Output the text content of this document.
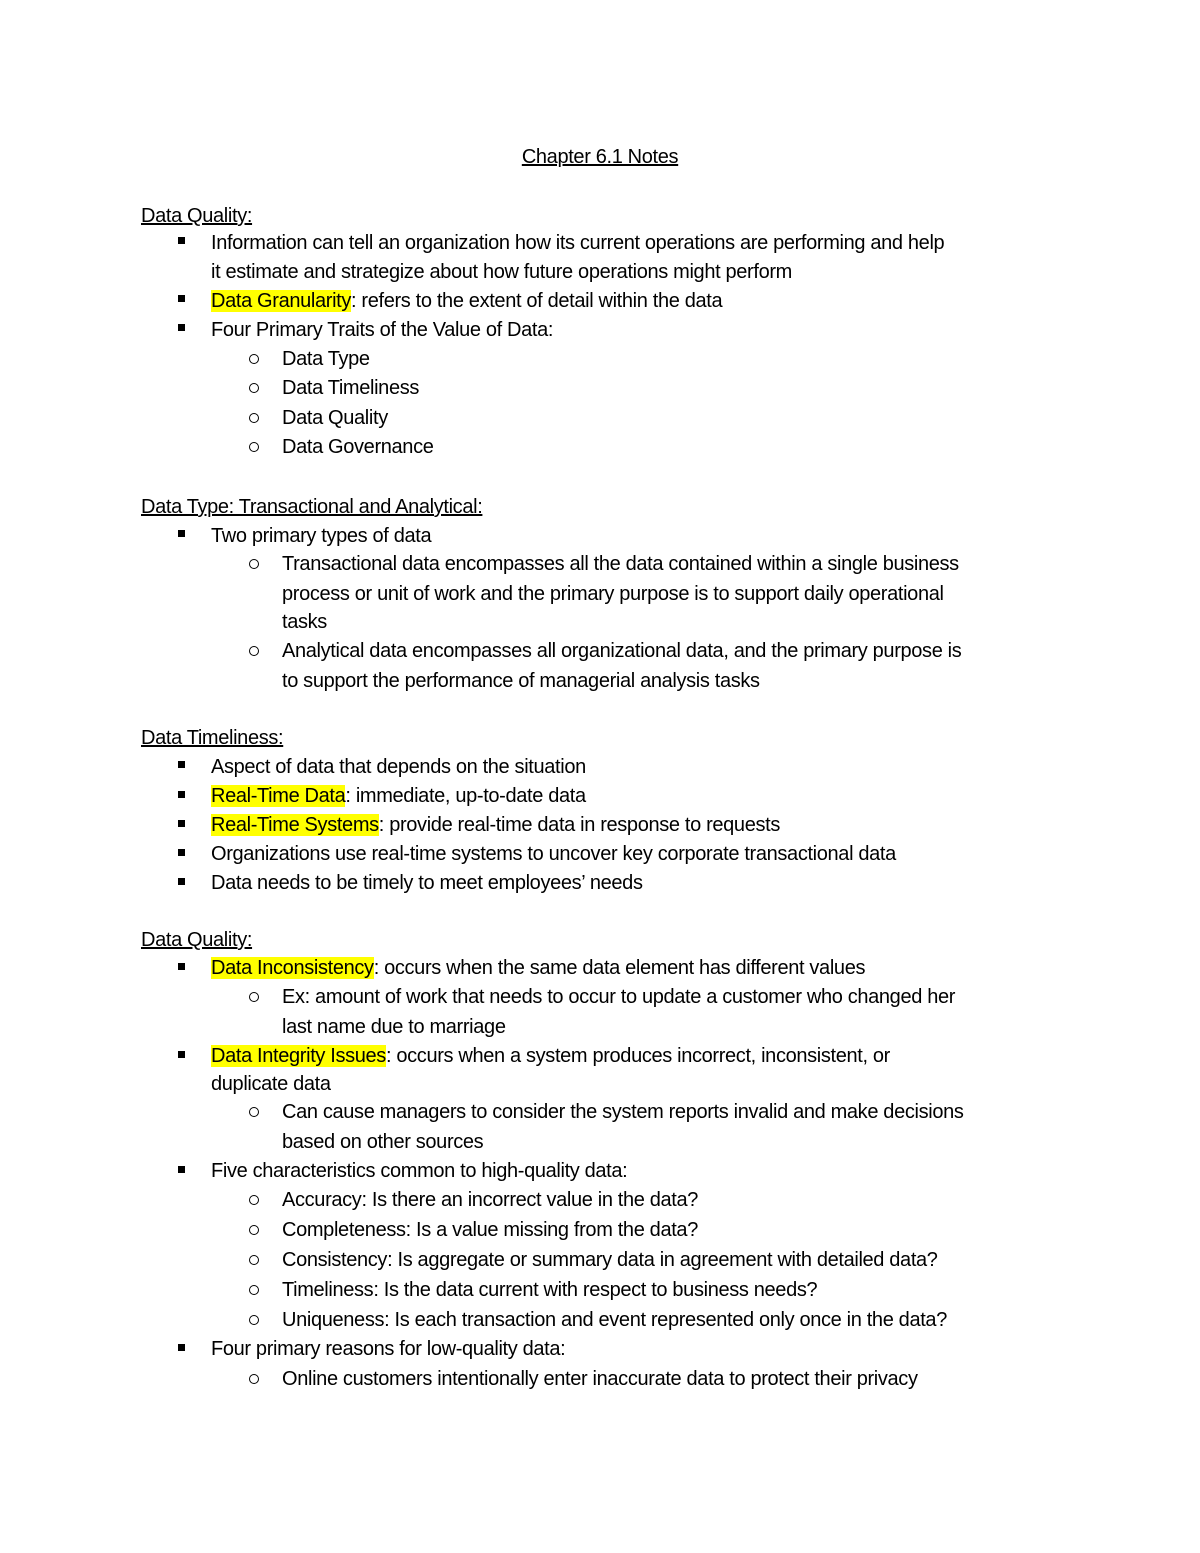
Chapter 6.1 Notes
Data Quality:
Information can tell an organization how its current operations are performing and help
it estimate and strategize about how future operations might perform
Data Granularity: refers to the extent of detail within the data
Four Primary Traits of the Value of Data:
Data Type
Data Timeliness
Data Quality
Data Governance
Data Type: Transactional and Analytical:
Two primary types of data
Transactional data encompasses all the data contained within a single business
process or unit of work and the primary purpose is to support daily operational
tasks
Analytical data encompasses all organizational data, and the primary purpose is
to support the performance of managerial analysis tasks
Data Timeliness:
Aspect of data that depends on the situation
Real-Time Data: immediate, up-to-date data
Real-Time Systems: provide real-time data in response to requests
Organizations use real-time systems to uncover key corporate transactional data
Data needs to be timely to meet employees’ needs
Data Quality:
Data Inconsistency: occurs when the same data element has different values
Ex: amount of work that needs to occur to update a customer who changed her
last name due to marriage
Data Integrity Issues: occurs when a system produces incorrect, inconsistent, or
duplicate data
Can cause managers to consider the system reports invalid and make decisions
based on other sources
Five characteristics common to high-quality data:
Accuracy: Is there an incorrect value in the data?
Completeness: Is a value missing from the data?
Consistency: Is aggregate or summary data in agreement with detailed data?
Timeliness: Is the data current with respect to business needs?
Uniqueness: Is each transaction and event represented only once in the data?
Four primary reasons for low-quality data:
Online customers intentionally enter inaccurate data to protect their privacy
